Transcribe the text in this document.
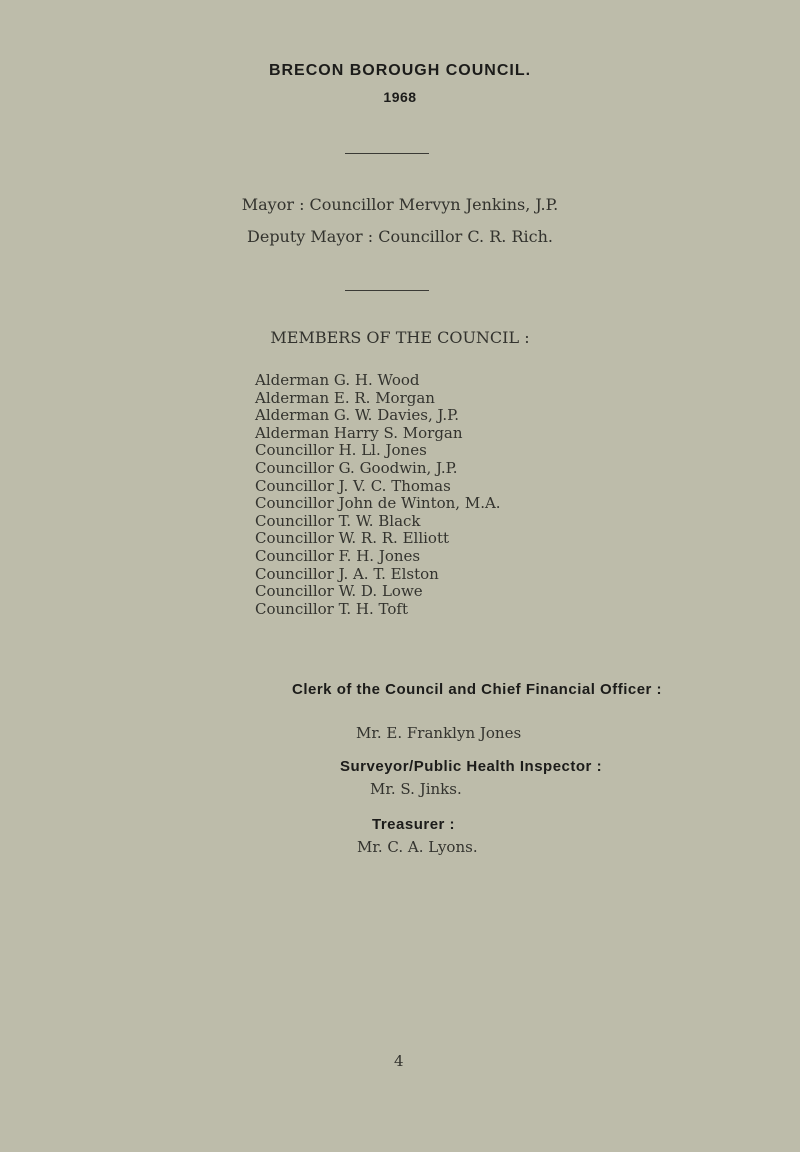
BRECON BOROUGH COUNCIL.
1968
Mayor : Councillor Mervyn Jenkins, J.P.
Deputy Mayor : Councillor C. R. Rich.
MEMBERS OF THE COUNCIL :
Alderman G. H. Wood
Alderman E. R. Morgan
Alderman G. W. Davies, J.P.
Alderman Harry S. Morgan
Councillor H. Ll. Jones
Councillor G. Goodwin, J.P.
Councillor J. V. C. Thomas
Councillor John de Winton, M.A.
Councillor T. W. Black
Councillor W. R. R. Elliott
Councillor F. H. Jones
Councillor J. A. T. Elston
Councillor W. D. Lowe
Councillor T. H. Toft
Clerk of the Council and Chief Financial Officer :
Mr. E. Franklyn Jones
Surveyor/Public Health Inspector :
Mr. S. Jinks.
Treasurer :
Mr. C. A. Lyons.
4
